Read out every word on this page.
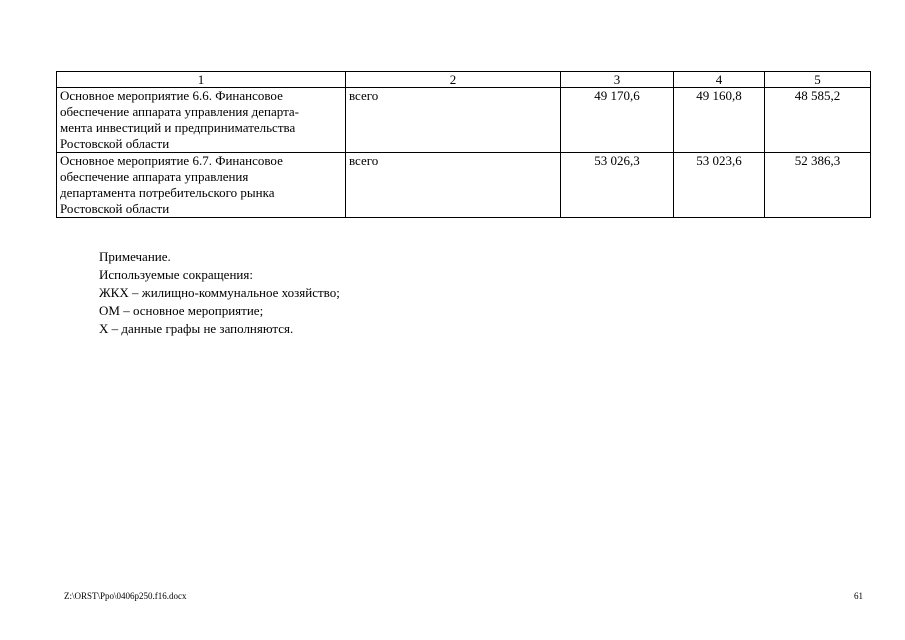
1	2	3	4	5
Основное мероприятие 6.6. Финансовое
обеспечение аппарата управления департа-
мента инвестиций и предпринимательства
Ростовской области	всего	49 170,6	49 160,8	48 585,2
Основное мероприятие 6.7. Финансовое
обеспечение аппарата управления
департамента потребительского рынка
Ростовской области	всего	53 026,3	53 023,6	52 386,3
Примечание.
Используемые сокращения:
ЖКХ – жилищно-коммунальное хозяйство;
ОМ – основное мероприятие;
Х – данные графы не заполняются.
Z:\ORST\Ppo\0406p250.f16.docx	61
